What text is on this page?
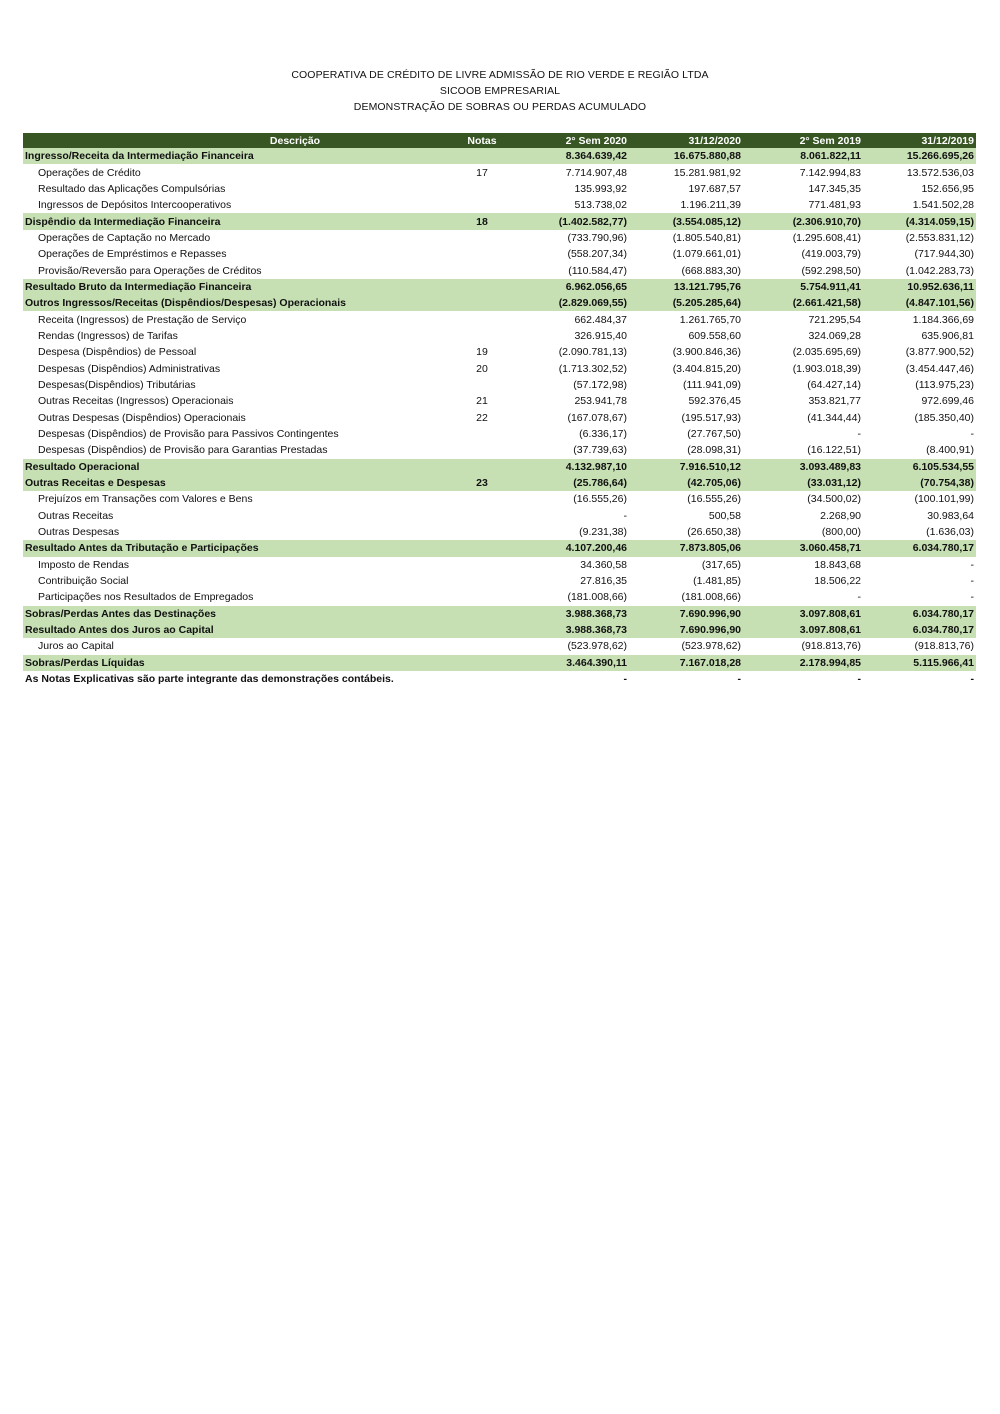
COOPERATIVA DE CRÉDITO DE LIVRE ADMISSÃO DE RIO VERDE E REGIÃO LTDA
SICOOB EMPRESARIAL
DEMONSTRAÇÃO DE SOBRAS OU PERDAS ACUMULADO
Descrição	Notas	2° Sem 2020	31/12/2020	2° Sem 2019	31/12/2019
Ingresso/Receita da Intermediação Financeira		8.364.639,42	16.675.880,88	8.061.822,11	15.266.695,26
Operações de Crédito	17	7.714.907,48	15.281.981,92	7.142.994,83	13.572.536,03
Resultado das Aplicações Compulsórias		135.993,92	197.687,57	147.345,35	152.656,95
Ingressos de Depósitos Intercooperativos		513.738,02	1.196.211,39	771.481,93	1.541.502,28
Dispêndio da Intermediação Financeira	18	(1.402.582,77)	(3.554.085,12)	(2.306.910,70)	(4.314.059,15)
Operações de Captação no Mercado		(733.790,96)	(1.805.540,81)	(1.295.608,41)	(2.553.831,12)
Operações de Empréstimos e Repasses		(558.207,34)	(1.079.661,01)	(419.003,79)	(717.944,30)
Provisão/Reversão para Operações de Créditos		(110.584,47)	(668.883,30)	(592.298,50)	(1.042.283,73)
Resultado Bruto da Intermediação Financeira		6.962.056,65	13.121.795,76	5.754.911,41	10.952.636,11
Outros Ingressos/Receitas (Dispêndios/Despesas) Operacionais		(2.829.069,55)	(5.205.285,64)	(2.661.421,58)	(4.847.101,56)
Receita (Ingressos) de Prestação de Serviço		662.484,37	1.261.765,70	721.295,54	1.184.366,69
Rendas (Ingressos) de Tarifas		326.915,40	609.558,60	324.069,28	635.906,81
Despesa (Dispêndios) de Pessoal	19	(2.090.781,13)	(3.900.846,36)	(2.035.695,69)	(3.877.900,52)
Despesas (Dispêndios) Administrativas	20	(1.713.302,52)	(3.404.815,20)	(1.903.018,39)	(3.454.447,46)
Despesas(Dispêndios) Tributárias		(57.172,98)	(111.941,09)	(64.427,14)	(113.975,23)
Outras Receitas (Ingressos) Operacionais	21	253.941,78	592.376,45	353.821,77	972.699,46
Outras Despesas (Dispêndios) Operacionais	22	(167.078,67)	(195.517,93)	(41.344,44)	(185.350,40)
Despesas (Dispêndios) de Provisão para Passivos Contingentes		(6.336,17)	(27.767,50)	-	-
Despesas (Dispêndios) de Provisão para Garantias Prestadas		(37.739,63)	(28.098,31)	(16.122,51)	(8.400,91)
Resultado Operacional		4.132.987,10	7.916.510,12	3.093.489,83	6.105.534,55
Outras Receitas e Despesas	23	(25.786,64)	(42.705,06)	(33.031,12)	(70.754,38)
Prejuízos em Transações com Valores e Bens		(16.555,26)	(16.555,26)	(34.500,02)	(100.101,99)
Outras Receitas		-	500,58	2.268,90	30.983,64
Outras Despesas		(9.231,38)	(26.650,38)	(800,00)	(1.636,03)
Resultado Antes da Tributação e Participações		4.107.200,46	7.873.805,06	3.060.458,71	6.034.780,17
Imposto de Rendas		34.360,58	(317,65)	18.843,68	-
Contribuição Social		27.816,35	(1.481,85)	18.506,22	-
Participações nos Resultados de Empregados		(181.008,66)	(181.008,66)	-	-
Sobras/Perdas Antes das Destinações		3.988.368,73	7.690.996,90	3.097.808,61	6.034.780,17
Resultado Antes dos Juros ao Capital		3.988.368,73	7.690.996,90	3.097.808,61	6.034.780,17
Juros ao Capital		(523.978,62)	(523.978,62)	(918.813,76)	(918.813,76)
Sobras/Perdas Líquidas		3.464.390,11	7.167.018,28	2.178.994,85	5.115.966,41
As Notas Explicativas são parte integrante das demonstrações contábeis.		-	-	-	-
